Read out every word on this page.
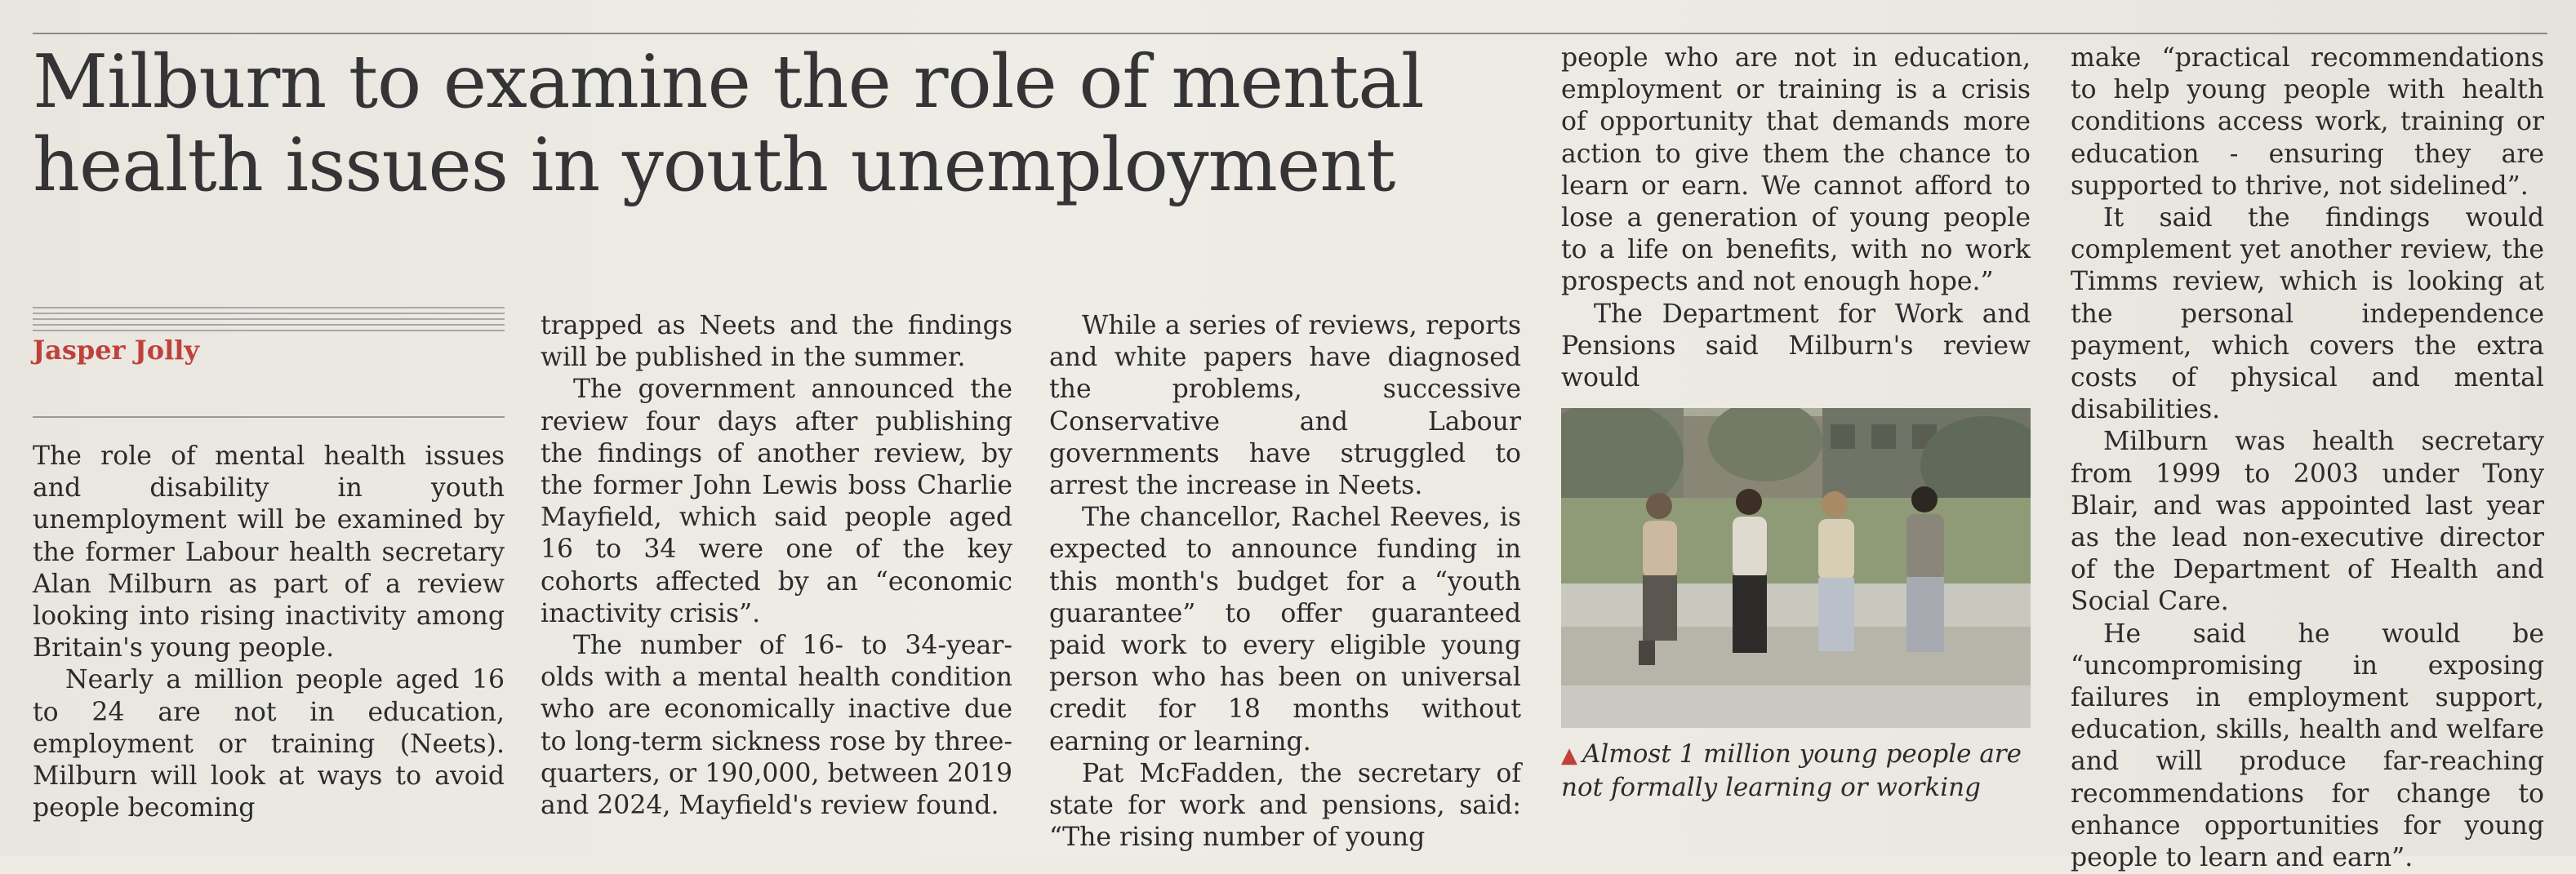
Milburn to examine the role of mental health issues in youth unemployment
Jasper Jolly

The role of mental health issues and disability in youth unemployment will be examined by the former Labour health secretary Alan Milburn as part of a review looking into rising inactivity among Britain's young people.

Nearly a million people aged 16 to 24 are not in education, employment or training (Neets). Milburn will look at ways to avoid people becoming

trapped as Neets and the findings will be published in the summer.

The government announced the review four days after publishing the findings of another review, by the former John Lewis boss Charlie Mayfield, which said people aged 16 to 34 were one of the key cohorts affected by an “economic inactivity crisis”.

The number of 16- to 34-year-olds with a mental health condition who are economically inactive due to long-term sickness rose by three-quarters, or 190,000, between 2019 and 2024, Mayfield's review found.

While a series of reviews, reports and white papers have diagnosed the problems, successive Conservative and Labour governments have struggled to arrest the increase in Neets.

The chancellor, Rachel Reeves, is expected to announce funding in this month's budget for a “youth guarantee” to offer guaranteed paid work to every eligible young person who has been on universal credit for 18 months without earning or learning.

Pat McFadden, the secretary of state for work and pensions, said: “The rising number of young

people who are not in education, employment or training is a crisis of opportunity that demands more action to give them the chance to learn or earn. We cannot afford to lose a generation of young people to a life on benefits, with no work prospects and not enough hope.”

The Department for Work and Pensions said Milburn's review would

▲ Almost 1 million young people are not formally learning or working

make “practical recommendations to help young people with health conditions access work, training or education - ensuring they are supported to thrive, not sidelined”.

It said the findings would complement yet another review, the Timms review, which is looking at the personal independence payment, which covers the extra costs of physical and mental disabilities.

Milburn was health secretary from 1999 to 2003 under Tony Blair, and was appointed last year as the lead non-executive director of the Department of Health and Social Care.

He said he would be “uncompromising in exposing failures in employment support, education, skills, health and welfare and will produce far-reaching recommendations for change to enhance opportunities for young people to learn and earn”.
